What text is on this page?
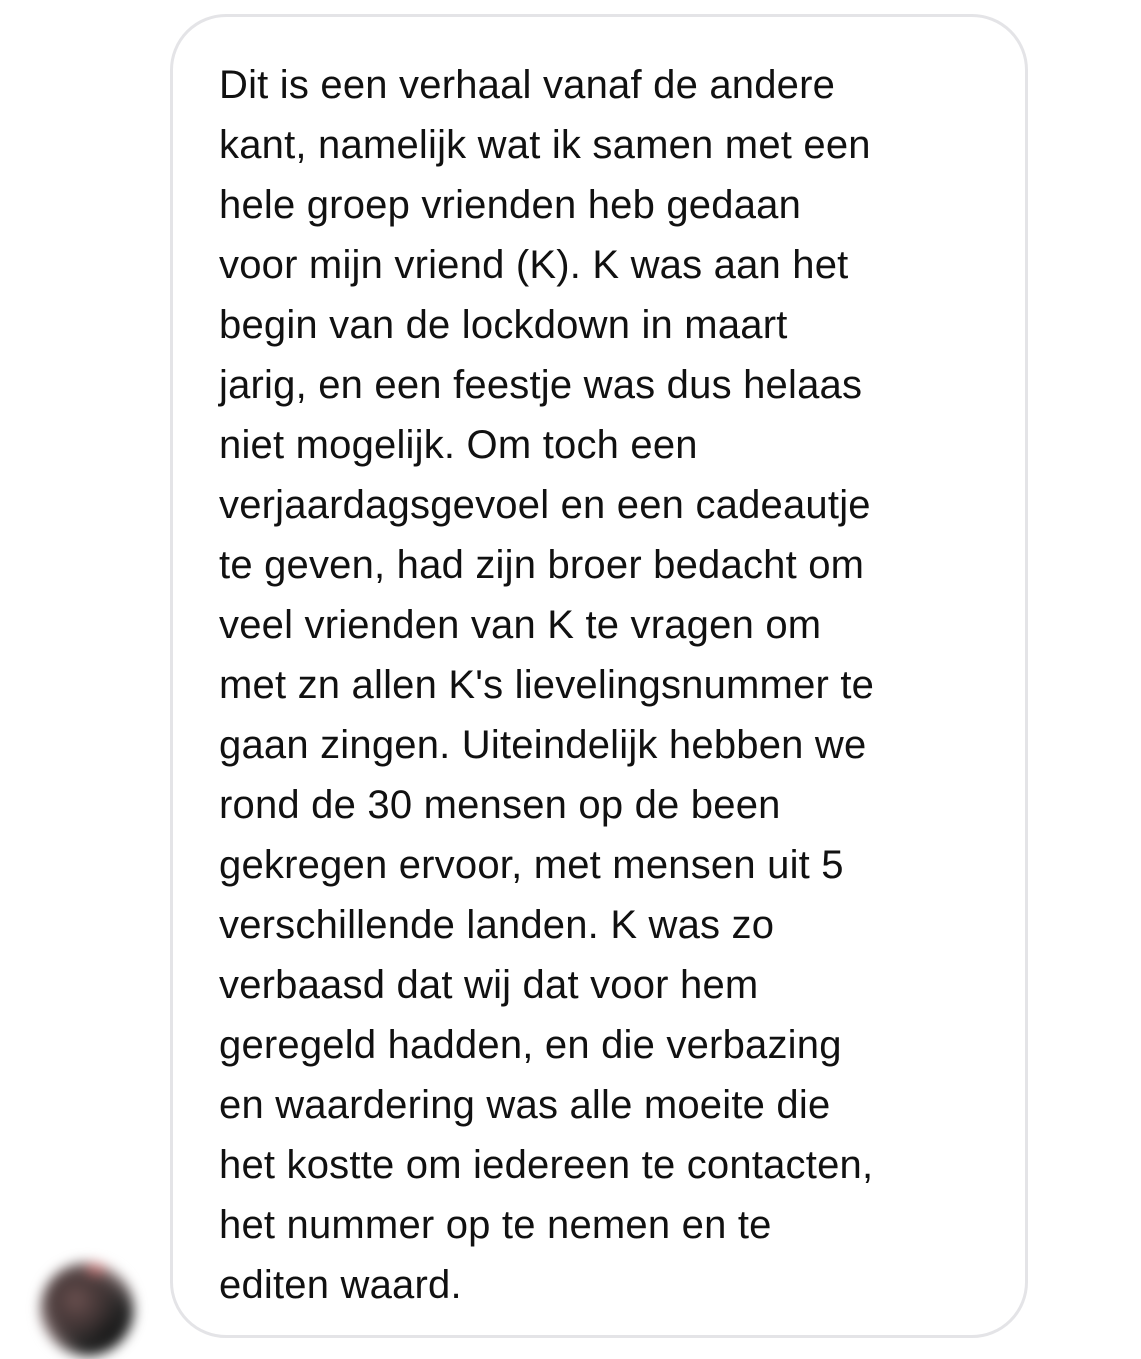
Dit is een verhaal vanaf de andere
kant, namelijk wat ik samen met een
hele groep vrienden heb gedaan
voor mijn vriend (K). K was aan het
begin van de lockdown in maart
jarig, en een feestje was dus helaas
niet mogelijk. Om toch een
verjaardagsgevoel en een cadeautje
te geven, had zijn broer bedacht om
veel vrienden van K te vragen om
met zn allen K's lievelingsnummer te
gaan zingen. Uiteindelijk hebben we
rond de 30 mensen op de been
gekregen ervoor, met mensen uit 5
verschillende landen. K was zo
verbaasd dat wij dat voor hem
geregeld hadden, en die verbazing
en waardering was alle moeite die
het kostte om iedereen te contacten,
het nummer op te nemen en te
editen waard.
